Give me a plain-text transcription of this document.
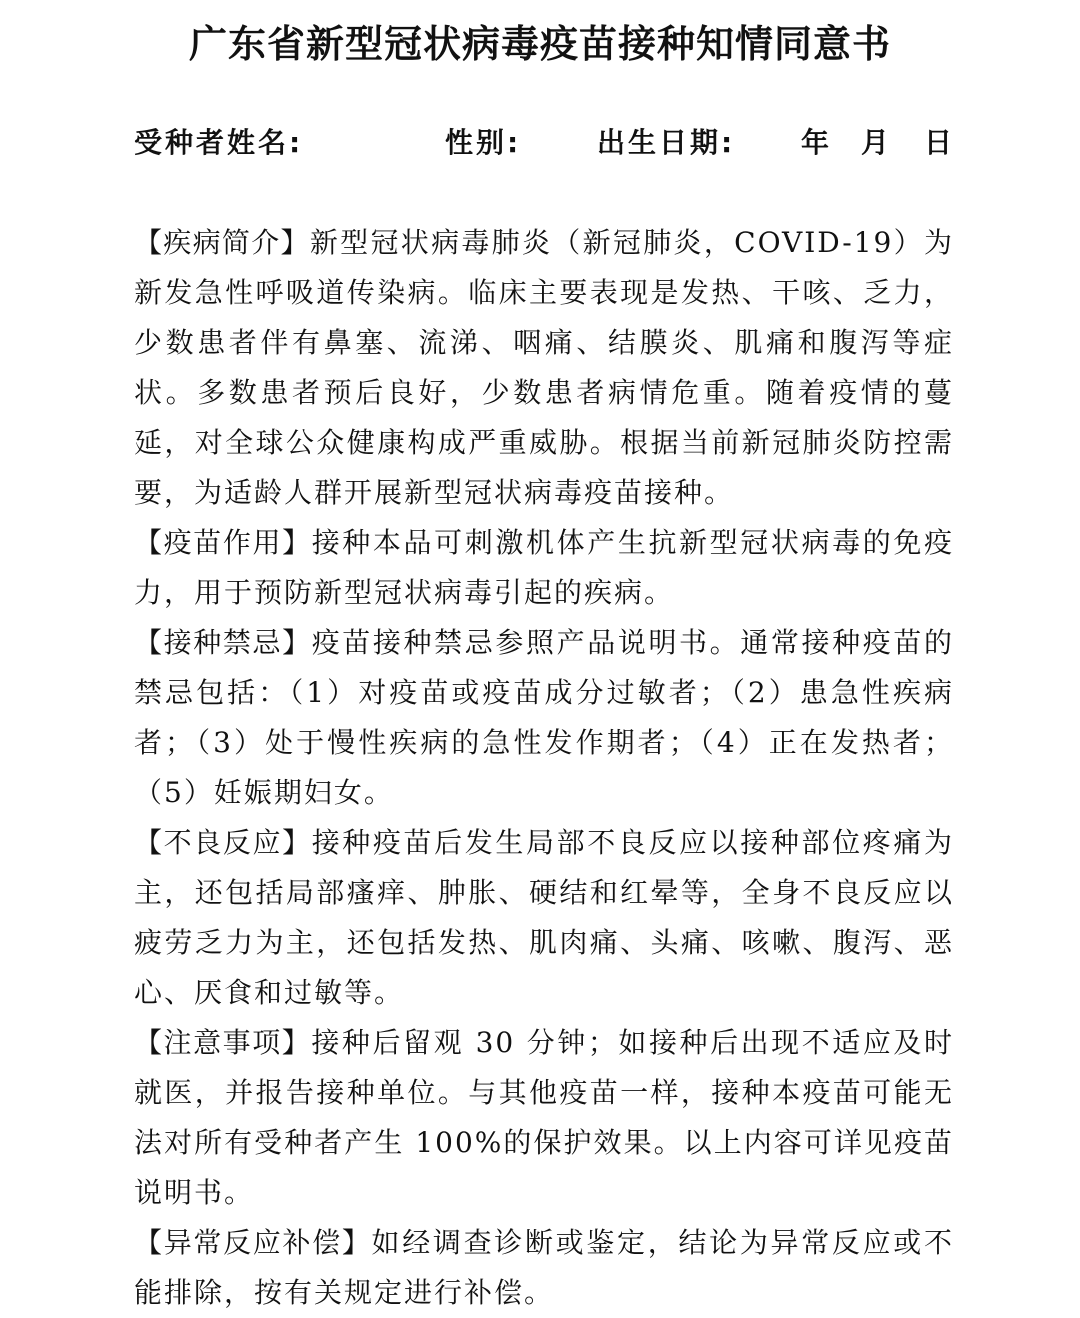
广东省新型冠状病毒疫苗接种知情同意书
受种者姓名:	性别:	出生日期: 年 月 日

【疾病简介】新型冠状病毒肺炎（新冠肺炎，COVID-19）为新发急性呼吸道传染病。临床主要表现是发热、干咳、乏力，少数患者伴有鼻塞、流涕、咽痛、结膜炎、肌痛和腹泻等症状。多数患者预后良好，少数患者病情危重。随着疫情的蔓延，对全球公众健康构成严重威胁。根据当前新冠肺炎防控需要，为适龄人群开展新型冠状病毒疫苗接种。

【疫苗作用】接种本品可刺激机体产生抗新型冠状病毒的免疫力，用于预防新型冠状病毒引起的疾病。

【接种禁忌】疫苗接种禁忌参照产品说明书。通常接种疫苗的禁忌包括：（1）对疫苗或疫苗成分过敏者；（2）患急性疾病者；（3）处于慢性疾病的急性发作期者；（4）正在发热者；（5）妊娠期妇女。

【不良反应】接种疫苗后发生局部不良反应以接种部位疼痛为主，还包括局部瘙痒、肿胀、硬结和红晕等，全身不良反应以疲劳乏力为主，还包括发热、肌肉痛、头痛、咳嗽、腹泻、恶心、厌食和过敏等。

【注意事项】接种后留观 30 分钟；如接种后出现不适应及时就医，并报告接种单位。与其他疫苗一样，接种本疫苗可能无法对所有受种者产生 100%的保护效果。以上内容可详见疫苗说明书。

【异常反应补偿】如经调查诊断或鉴定，结论为异常反应或不能排除，按有关规定进行补偿。
